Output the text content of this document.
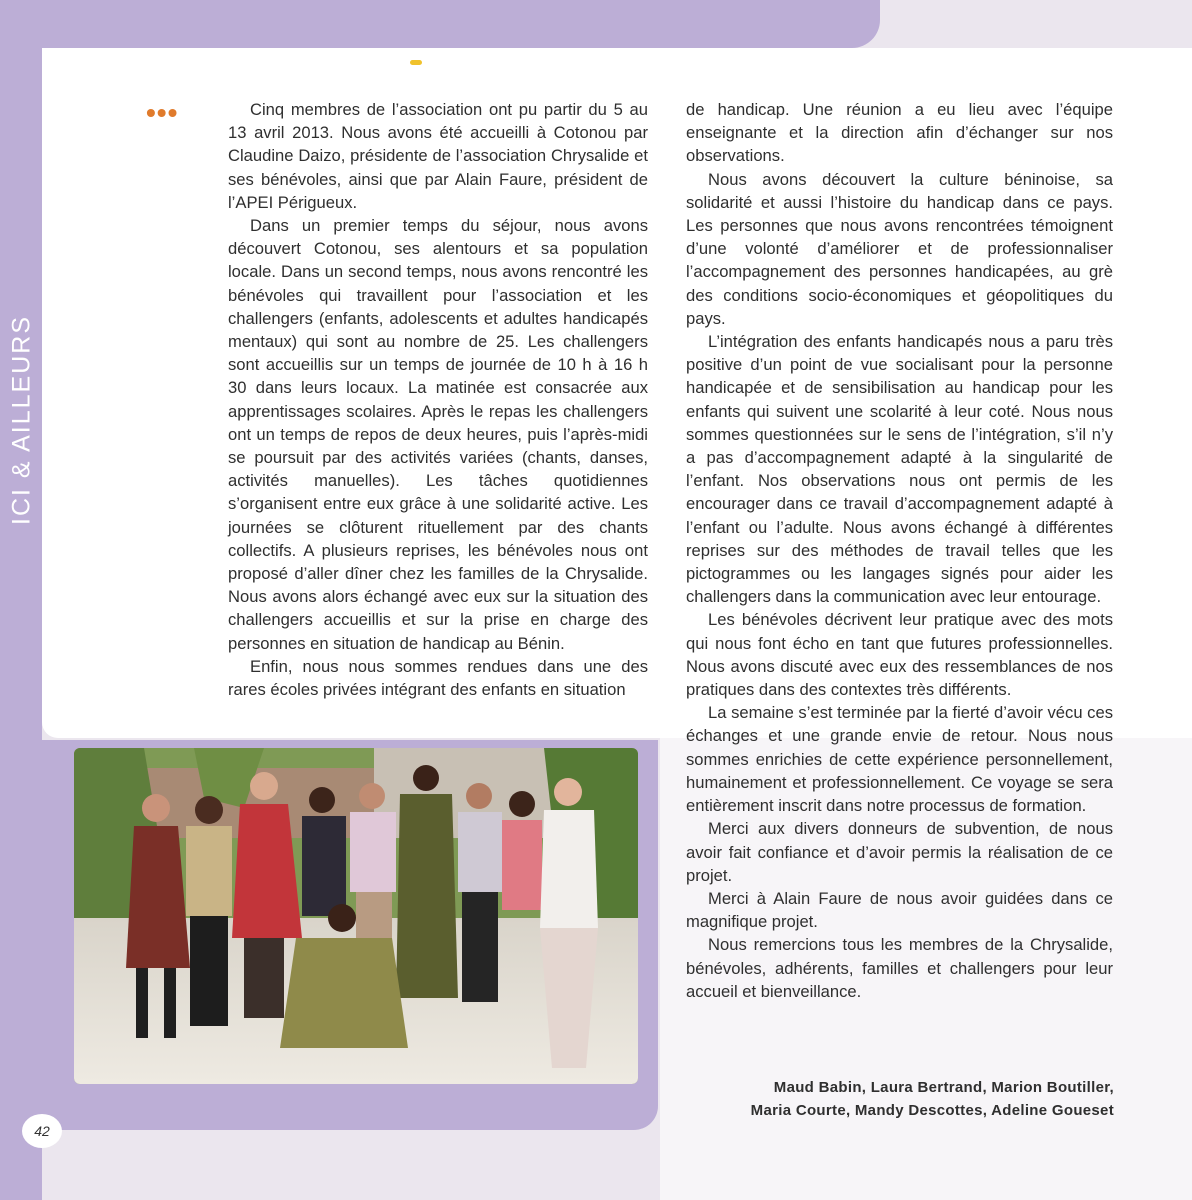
ICI & AILLEURS
•••	Cinq membres de l’association ont pu partir du 5 au 13 avril 2013. Nous avons été accueilli à Cotonou par Claudine Daizo, présidente de l’association Chrysalide et ses bénévoles, ainsi que par Alain Faure, président de l’APEI Périgueux.

Dans un premier temps du séjour, nous avons découvert Cotonou, ses alentours et sa population locale. Dans un second temps, nous avons rencontré les bénévoles qui travaillent pour l’association et les challengers (enfants, adolescents et adultes handicapés mentaux) qui sont au nombre de 25. Les challengers sont accueillis sur un temps de journée de 10 h à 16 h 30 dans leurs locaux. La matinée est consacrée aux apprentissages scolaires. Après le repas les challengers ont un temps de repos de deux heures, puis l’après-midi se poursuit par des activités variées (chants, danses, activités manuelles). Les tâches quotidiennes s’organisent entre eux grâce à une solidarité active. Les journées se clôturent rituellement par des chants collectifs. A plusieurs reprises, les bénévoles nous ont proposé d’aller dîner chez les familles de la Chrysalide. Nous avons alors échangé avec eux sur la situation des challengers accueillis et sur la prise en charge des personnes en situation de handicap au Bénin.

Enfin, nous nous sommes rendues dans une des rares écoles privées intégrant des enfants en situation

de handicap. Une réunion a eu lieu avec l’équipe enseignante et la direction afin d’échanger sur nos observations.

Nous avons découvert la culture béninoise, sa solidarité et aussi l’histoire du handicap dans ce pays. Les personnes que nous avons rencontrées témoignent d’une volonté d’améliorer et de professionnaliser l’accompagnement des personnes handicapées, au grè des conditions socio-économiques et géopolitiques du pays.

L’intégration des enfants handicapés nous a paru très positive d’un point de vue socialisant pour la personne handicapée et de sensibilisation au handicap pour les enfants qui suivent une scolarité à leur coté. Nous nous sommes questionnées sur le sens de l’intégration, s’il n’y a pas d’accompagnement adapté à la singularité de l’enfant. Nos observations nous ont permis de les encourager dans ce travail d’accompagnement adapté à l’enfant ou l’adulte. Nous avons échangé à différentes reprises sur des méthodes de travail telles que les pictogrammes ou les langages signés pour aider les challengers dans la communication avec leur entourage.

Les bénévoles décrivent leur pratique avec des mots qui nous font écho en tant que futures professionnelles. Nous avons discuté avec eux des ressemblances de nos pratiques dans des contextes très différents.

La semaine s’est terminée par la fierté d’avoir vécu ces échanges et une grande envie de retour. Nous nous sommes enrichies de cette expérience personnellement, humainement et professionnellement. Ce voyage se sera entièrement inscrit dans notre processus de formation.

Merci aux divers donneurs de subvention, de nous avoir fait confiance et d’avoir permis la réalisation de ce projet.

Merci à Alain Faure de nous avoir guidées dans ce magnifique projet.

Nous remercions tous les membres de la Chrysalide, bénévoles, adhérents, familles et challengers pour leur accueil et bienveillance.

Maud Babin, Laura Bertrand, Marion Boutiller,
Maria Courte, Mandy Descottes, Adeline Goueset
42
